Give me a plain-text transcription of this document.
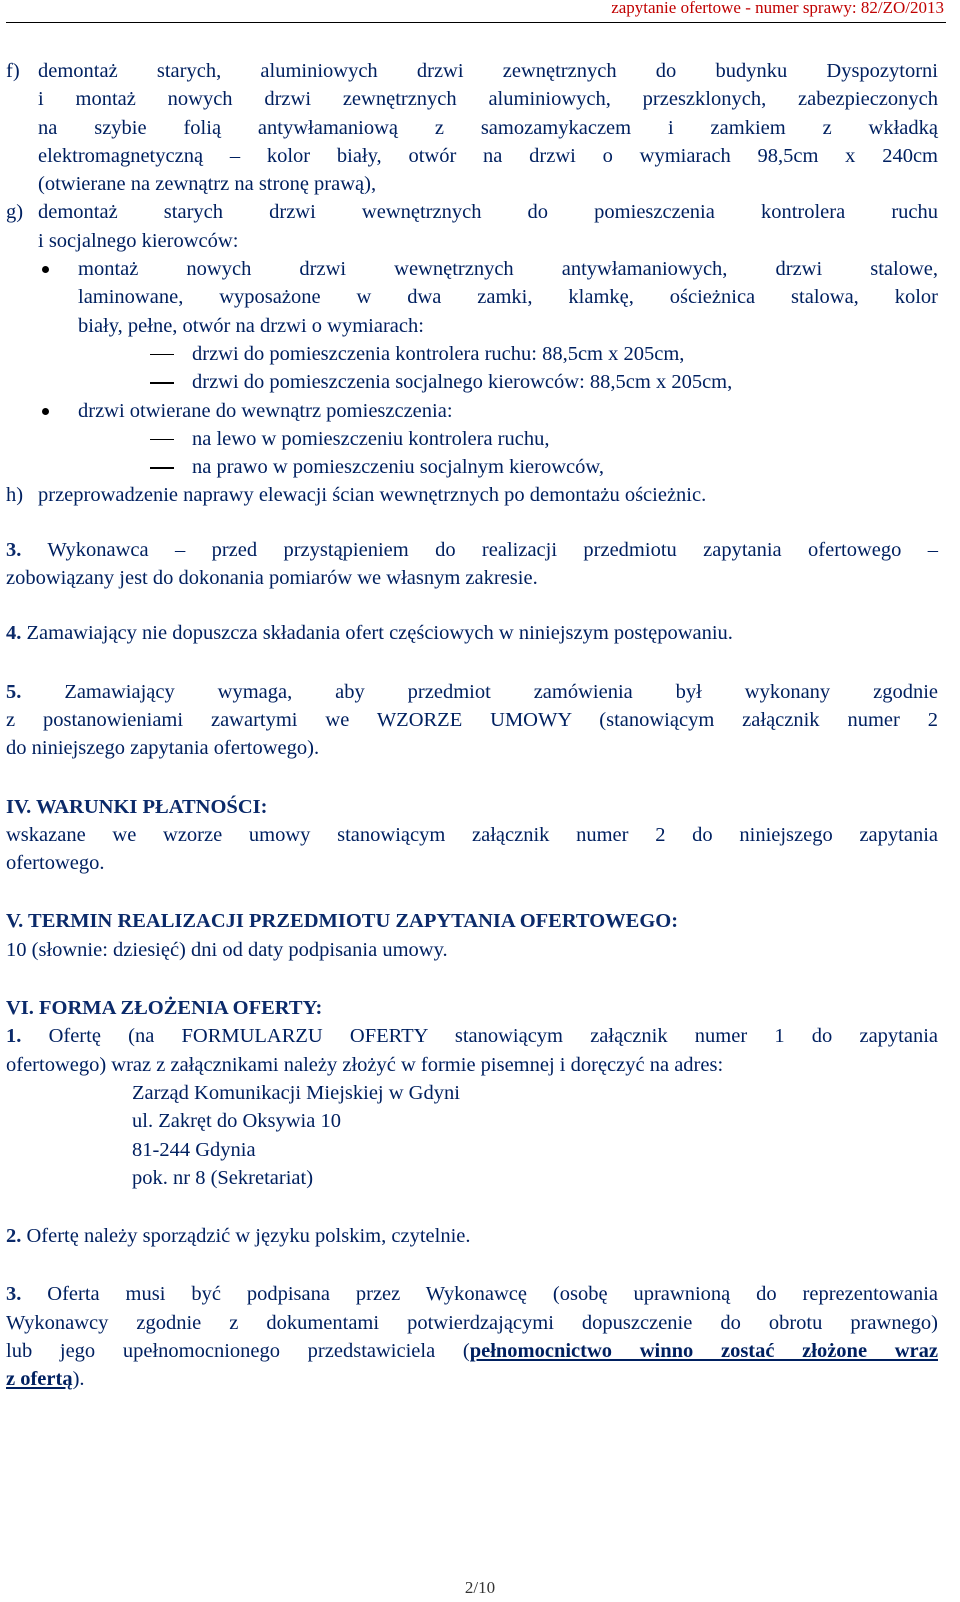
zapytanie ofertowe - numer sprawy: 82/ZO/2013
f) demontaż starych, aluminiowych drzwi zewnętrznych do budynku Dyspozytorni

i montaż nowych drzwi zewnętrznych aluminiowych, przeszklonych, zabezpieczonych

na szybie folią antywłamaniową z samozamykaczem i zamkiem z wkładką

elektromagnetyczną – kolor biały, otwór na drzwi o wymiarach 98,5cm x 240cm

(otwierane na zewnątrz na stronę prawą),

g) demontaż starych drzwi wewnętrznych do pomieszczenia kontrolera ruchu

i socjalnego kierowców:

montaż nowych drzwi wewnętrznych antywłamaniowych, drzwi stalowe,

laminowane, wyposażone w dwa zamki, klamkę, ościeżnica stalowa, kolor

biały, pełne, otwór na drzwi o wymiarach:

drzwi do pomieszczenia kontrolera ruchu: 88,5cm x 205cm,

drzwi do pomieszczenia socjalnego kierowców: 88,5cm x 205cm,

drzwi otwierane do wewnątrz pomieszczenia:

na lewo w pomieszczeniu kontrolera ruchu,

na prawo w pomieszczeniu socjalnym kierowców,

h) przeprowadzenie naprawy elewacji ścian wewnętrznych po demontażu ościeżnic.

3. Wykonawca – przed przystąpieniem do realizacji przedmiotu zapytania ofertowego –

zobowiązany jest do dokonania pomiarów we własnym zakresie.

4. Zamawiający nie dopuszcza składania ofert częściowych w niniejszym postępowaniu.

5. Zamawiający wymaga, aby przedmiot zamówienia był wykonany zgodnie

z postanowieniami zawartymi we WZORZE UMOWY (stanowiącym załącznik numer 2

do niniejszego zapytania ofertowego).

IV. WARUNKI PŁATNOŚCI:

wskazane we wzorze umowy stanowiącym załącznik numer 2 do niniejszego zapytania

ofertowego.

V. TERMIN REALIZACJI PRZEDMIOTU ZAPYTANIA OFERTOWEGO:

10 (słownie: dziesięć) dni od daty podpisania umowy.

VI. FORMA ZŁOŻENIA OFERTY:

1. Ofertę (na FORMULARZU OFERTY stanowiącym załącznik numer 1 do zapytania

ofertowego) wraz z załącznikami należy złożyć w formie pisemnej i doręczyć na adres:

Zarząd Komunikacji Miejskiej w Gdyni

ul. Zakręt do Oksywia 10

81-244 Gdynia

pok. nr 8 (Sekretariat)

2. Ofertę należy sporządzić w języku polskim, czytelnie.

3. Oferta musi być podpisana przez Wykonawcę (osobę uprawnioną do reprezentowania

Wykonawcy zgodnie z dokumentami potwierdzającymi dopuszczenie do obrotu prawnego)

lub jego upełnomocnionego przedstawiciela (pełnomocnictwo winno zostać złożone wraz

z ofertą).

2/10
